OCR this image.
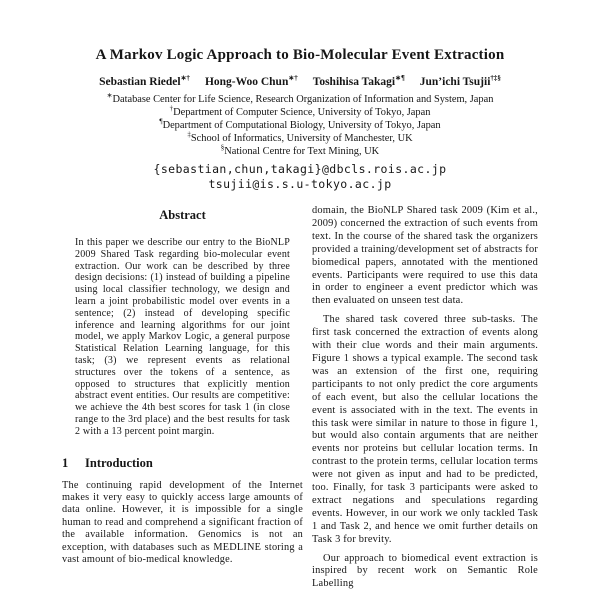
A Markov Logic Approach to Bio-Molecular Event Extraction
Sebastian Riedel∗† Hong-Woo Chun∗† Toshihisa Takagi∗¶ Jun’ichi Tsujii†‡§
∗Database Center for Life Science, Research Organization of Information and System, Japan
†Department of Computer Science, University of Tokyo, Japan
¶Department of Computational Biology, University of Tokyo, Japan
‡School of Informatics, University of Manchester, UK
§National Centre for Text Mining, UK
{sebastian,chun,takagi}@dbcls.rois.ac.jp
tsujii@is.s.u-tokyo.ac.jp
Abstract

In this paper we describe our entry to the BioNLP 2009 Shared Task regarding bio-molecular event extraction. Our work can be described by three design decisions: (1) instead of building a pipeline using local classifier technology, we design and learn a joint probabilistic model over events in a sentence; (2) instead of developing specific inference and learning algorithms for our joint model, we apply Markov Logic, a general purpose Statistical Relation Learning language, for this task; (3) we represent events as relational structures over the tokens of a sentence, as opposed to structures that explicitly mention abstract event entities. Our results are competitive: we achieve the 4th best scores for task 1 (in close range to the 3rd place) and the best results for task 2 with a 13 percent point margin.

1 Introduction

The continuing rapid development of the Internet makes it very easy to quickly access large amounts of data online. However, it is impossible for a single human to read and comprehend a significant fraction of the available information. Genomics is not an exception, with databases such as MEDLINE storing a vast amount of bio-medical knowledge.

domain, the BioNLP Shared task 2009 (Kim et al., 2009) concerned the extraction of such events from text. In the course of the shared task the organizers provided a training/development set of abstracts for biomedical papers, annotated with the mentioned events. Participants were required to use this data in order to engineer a event predictor which was then evaluated on unseen test data.

The shared task covered three sub-tasks. The first task concerned the extraction of events along with their clue words and their main arguments. Figure 1 shows a typical example. The second task was an extension of the first one, requiring participants to not only predict the core arguments of each event, but also the cellular locations the event is associated with in the text. The events in this task were similar in nature to those in figure 1, but would also contain arguments that are neither events nor proteins but cellular location terms. In contrast to the protein terms, cellular location terms were not given as input and had to be predicted, too. Finally, for task 3 participants were asked to extract negations and speculations regarding events. However, in our work we only tackled Task 1 and Task 2, and hence we omit further details on Task 3 for brevity.

Our approach to biomedical event extraction is inspired by recent work on Semantic Role Labelling
